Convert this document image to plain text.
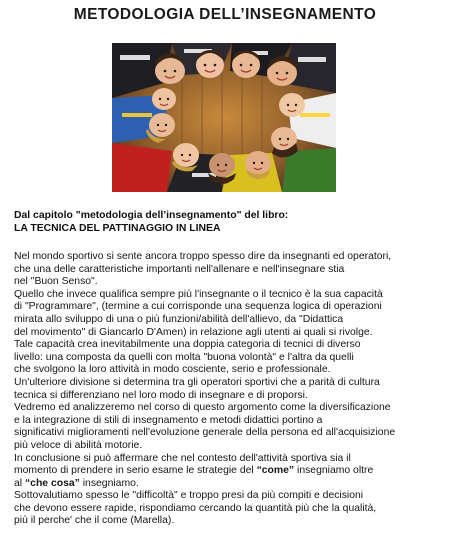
METODOLOGIA DELL’INSEGNAMENTO
Dal capitolo "metodologia dell’insegnamento" del libro:
LA TECNICA DEL PATTINAGGIO IN LINEA
Nel mondo sportivo si sente ancora troppo spesso dire da insegnanti ed operatori,
che una delle caratteristiche importanti nell'allenare e nell'insegnare stia
nel "Buon Senso".
Quello che invece qualifica sempre più l'insegnante o il tecnico è la sua capacità
di "Programmare", (termine a cui corrisponde una sequenza logica di operazioni
mirata allo sviluppo di una o più funzioni/abilità dell'allievo, da "Didattica
del movimento" di Giancarlo D'Amen) in relazione agli utenti ai quali si rivolge.
Tale capacità crea inevitabilmente una doppia categoria di tecnici di diverso
livello: una composta da quelli con molta "buona volontà" e l'altra da quelli
che svolgono la loro attività in modo cosciente, serio e professionale.
Un'ulteriore divisione si determina tra gli operatori sportivi che a parità di cultura
tecnica si differenziano nel loro modo di insegnare e di proporsi.
Vedremo ed analizzeremo nel corso di questo argomento come la diversificazione
e la integrazione di stili di insegnamento e metodi didattici portino a
significativi miglioramenti nell'evoluzione generale della persona ed all'acquisizione
più veloce di abilità motorie.
In conclusione si può affermare che nel contesto dell'attività sportiva sia il
momento di prendere in serio esame le strategie del “come” insegniamo oltre
al “che cosa” insegniamo.
Sottovalutiamo spesso le "difficoltà" e troppo presi da più compiti e decisioni
che devono essere rapide, rispondiamo cercando la quantità più che la qualità,
più il perche' che il come (Marella).
